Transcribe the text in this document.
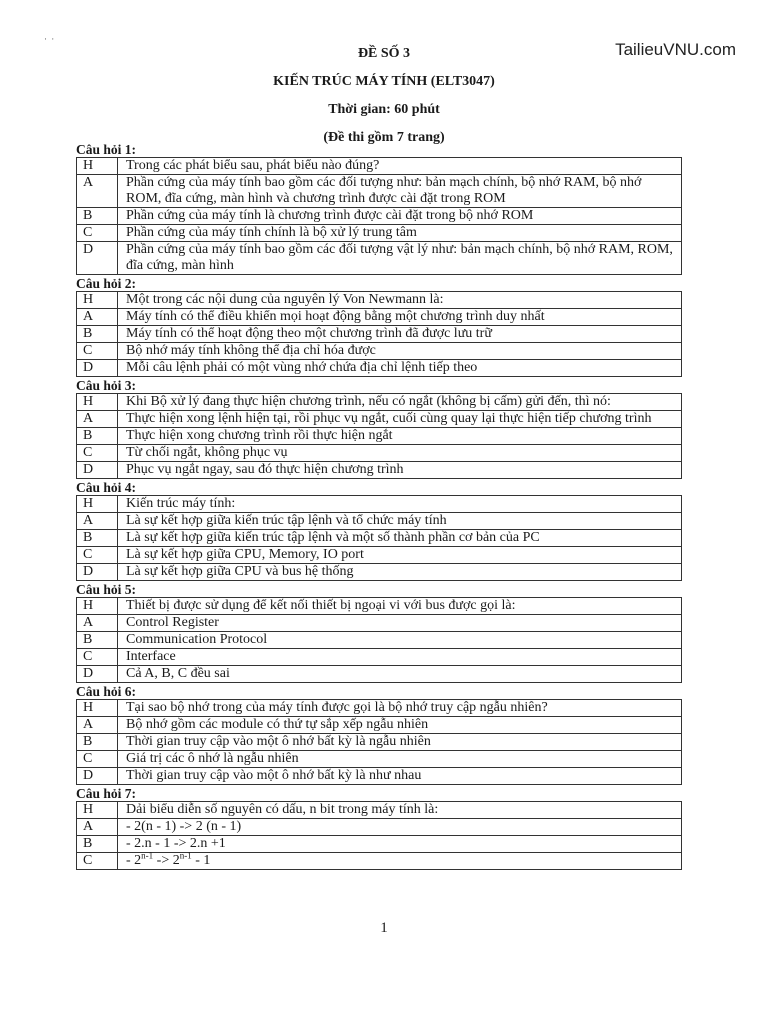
· ·
TailieuVNU.com
ĐỀ SỐ 3
KIẾN TRÚC MÁY TÍNH (ELT3047)
Thời gian: 60 phút
(Đề thi gồm 7 trang)
Câu hỏi 1:
H	Trong các phát biểu sau, phát biểu nào đúng?
A	Phần cứng của máy tính bao gồm các đối tượng như: bản mạch chính, bộ nhớ RAM, bộ nhớ ROM, đĩa cứng, màn hình và chương trình được cài đặt trong ROM
B	Phần cứng của máy tính là chương trình được cài đặt trong bộ nhớ ROM
C	Phần cứng của máy tính chính là bộ xử lý trung tâm
D	Phần cứng của máy tính bao gồm các đối tượng vật lý như: bản mạch chính, bộ nhớ RAM, ROM, đĩa cứng, màn hình
Câu hỏi 2:
H	Một trong các nội dung của nguyên lý Von Newmann là:
A	Máy tính có thể điều khiển mọi hoạt động bằng một chương trình duy nhất
B	Máy tính có thể hoạt động theo một chương trình đã được lưu trữ
C	Bộ nhớ máy tính không thể địa chỉ hóa được
D	Mỗi câu lệnh phải có một vùng nhớ chứa địa chỉ lệnh tiếp theo
Câu hỏi 3:
H	Khi Bộ xử lý đang thực hiện chương trình, nếu có ngắt (không bị cấm) gửi đến, thì nó:
A	Thực hiện xong lệnh hiện tại, rồi phục vụ ngắt, cuối cùng quay lại thực hiện tiếp chương trình
B	Thực hiện xong chương trình rồi thực hiện ngắt
C	Từ chối ngắt, không phục vụ
D	Phục vụ ngắt ngay, sau đó thực hiện chương trình
Câu hỏi 4:
H	Kiến trúc máy tính:
A	Là sự kết hợp giữa kiến trúc tập lệnh và tổ chức máy tính
B	Là sự kết hợp giữa kiến trúc tập lệnh và một số thành phần cơ bản của PC
C	Là sự kết hợp giữa CPU, Memory, IO port
D	Là sự kết hợp giữa CPU và bus hệ thống
Câu hỏi 5:
H	Thiết bị được sử dụng để kết nối thiết bị ngoại vi với bus được gọi là:
A	Control Register
B	Communication Protocol
C	Interface
D	Cả A, B, C đều sai
Câu hỏi 6:
H	Tại sao bộ nhớ trong của máy tính được gọi là bộ nhớ truy cập ngẫu nhiên?
A	Bộ nhớ gồm các module có thứ tự sắp xếp ngẫu nhiên
B	Thời gian truy cập vào một ô nhớ bất kỳ là ngẫu nhiên
C	Giá trị các ô nhớ là ngẫu nhiên
D	Thời gian truy cập vào một ô nhớ bất kỳ là như nhau
Câu hỏi 7:
H	Dải biểu diễn số nguyên có dấu, n bit trong máy tính là:
A	- 2(n - 1) -> 2 (n - 1)
B	- 2.n - 1 -> 2.n +1
C	- $2^{n-1} -> 2^{n-1} - 1$
1
